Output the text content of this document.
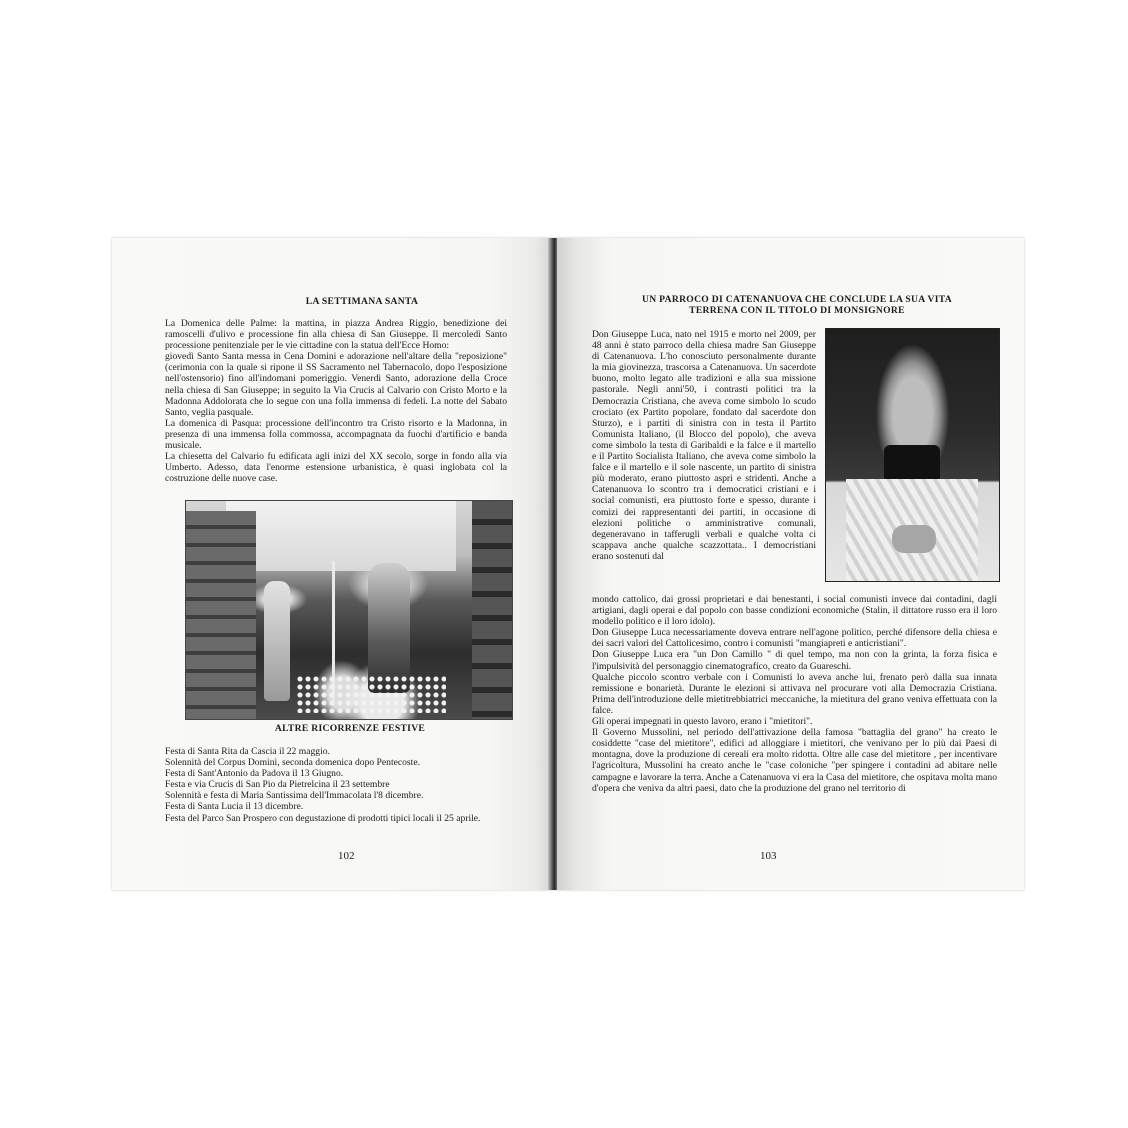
LA SETTIMANA SANTA

La Domenica delle Palme: la mattina, in piazza Andrea Riggio, benedizione dei ramoscelli d'ulivo e processione fin alla chiesa di San Giuseppe. Il mercoledì Santo processione penitenziale per le vie cittadine con la statua dell'Ecce Homo:

giovedì Santo Santa messa in Cena Domini e adorazione nell'altare della "reposizione" (cerimonia con la quale si ripone il SS Sacramento nel Tabernacolo, dopo l'esposizione nell'ostensorio) fino all'indomani pomeriggio. Venerdì Santo, adorazione della Croce nella chiesa di San Giuseppe; in seguito la Via Crucis al Calvario con Cristo Morto e la Madonna Addolorata che lo segue con una folla immensa di fedeli. La notte del Sabato Santo, veglia pasquale.

La domenica di Pasqua: processione dell'incontro tra Cristo risorto e la Madonna, in presenza di una immensa folla commossa, accompagnata da fuochi d'artificio e banda musicale.

La chiesetta del Calvario fu edificata agli inizi del XX secolo, sorge in fondo alla via Umberto. Adesso, data l'enorme estensione urbanistica, è quasi inglobata col la costruzione delle nuove case.

ALTRE RICORRENZE FESTIVE

Festa di Santa Rita da Cascia il 22 maggio.

Solennità del Corpus Domini, seconda domenica dopo Pentecoste.

Festa di Sant'Antonio da Padova il 13 Giugno.

Festa e via Crucis di San Pio da Pietrelcina il 23 settembre

Solennità e festa di Maria Santissima dell'Immacolata l'8 dicembre.

Festa di Santa Lucia il 13 dicembre.

Festa del Parco San Prospero con degustazione di prodotti tipici locali il 25 aprile.

102
UN PARROCO DI CATENANUOVA CHE CONCLUDE LA SUA VITA
TERRENA CON IL TITOLO DI MONSIGNORE
Don Giuseppe Luca, nato nel 1915 e morto nel 2009, per 48 anni è stato parroco della chiesa madre San Giuseppe di Catenanuova. L'ho conosciuto personalmente durante la mia giovinezza, trascorsa a Catenanuova. Un sacerdote buono, molto legato alle tradizioni e alla sua missione pastorale. Negli anni'50, i contrasti politici tra la Democrazia Cristiana, che aveva come simbolo lo scudo crociato (ex Partito popolare, fondato dal sacerdote don Sturzo), e i partiti di sinistra con in testa il Partito Comunista Italiano, (il Blocco del popolo), che aveva come simbolo la testa di Garibaldi e la falce e il martello e il Partito Socialista Italiano, che aveva come simbolo la falce e il martello e il sole nascente, un partito di sinistra più moderato, erano piuttosto aspri e stridenti. Anche a Catenanuova lo scontro tra i democratici cristiani e i social comunisti, era piuttosto forte e spesso, durante i comizi dei rappresentanti dei partiti, in occasione di elezioni politiche o amministrative comunali, degeneravano in tafferugli verbali e qualche volta ci scappava anche qualche scazzottata.. I democristiani erano sostenuti dal

mondo cattolico, dai grossi proprietari e dai benestanti, i social comunisti invece dai contadini, dagli artigiani, dagli operai e dal popolo con basse condizioni economiche (Stalin, il dittatore russo era il loro modello politico e il loro idolo).

Don Giuseppe Luca necessariamente doveva entrare nell'agone politico, perché difensore della chiesa e dei sacri valori del Cattolicesimo, contro i comunisti "mangiapreti e anticristiani".

Don Giuseppe Luca era "un Don Camillo " di quel tempo, ma non con la grinta, la forza fisica e l'impulsività del personaggio cinematografico, creato da Guareschi.

Qualche piccolo scontro verbale con i Comunisti lo aveva anche lui, frenato però dalla sua innata remissione e bonarietà. Durante le elezioni si attivava nel procurare voti alla Democrazia Cristiana. Prima dell'introduzione delle mietitrebbiatrici meccaniche, la mietitura del grano veniva effettuata con la falce.

Gli operai impegnati in questo lavoro, erano i "mietitori".

Il Governo Mussolini, nel periodo dell'attivazione della famosa "battaglia del grano" ha creato le cosiddette "case del mietitore", edifici ad alloggiare i mietitori, che venivano per lo più dai Paesi di montagna, dove la produzione di cereali era molto ridotta. Oltre alle case del mietitore , per incentivare l'agricoltura, Mussolini ha creato anche le "case coloniche "per spingere i contadini ad abitare nelle campagne e lavorare la terra. Anche a Catenanuova vi era la Casa del mietitore, che ospitava molta mano d'opera che veniva da altri paesi, dato che la produzione del grano nel territorio di

103
